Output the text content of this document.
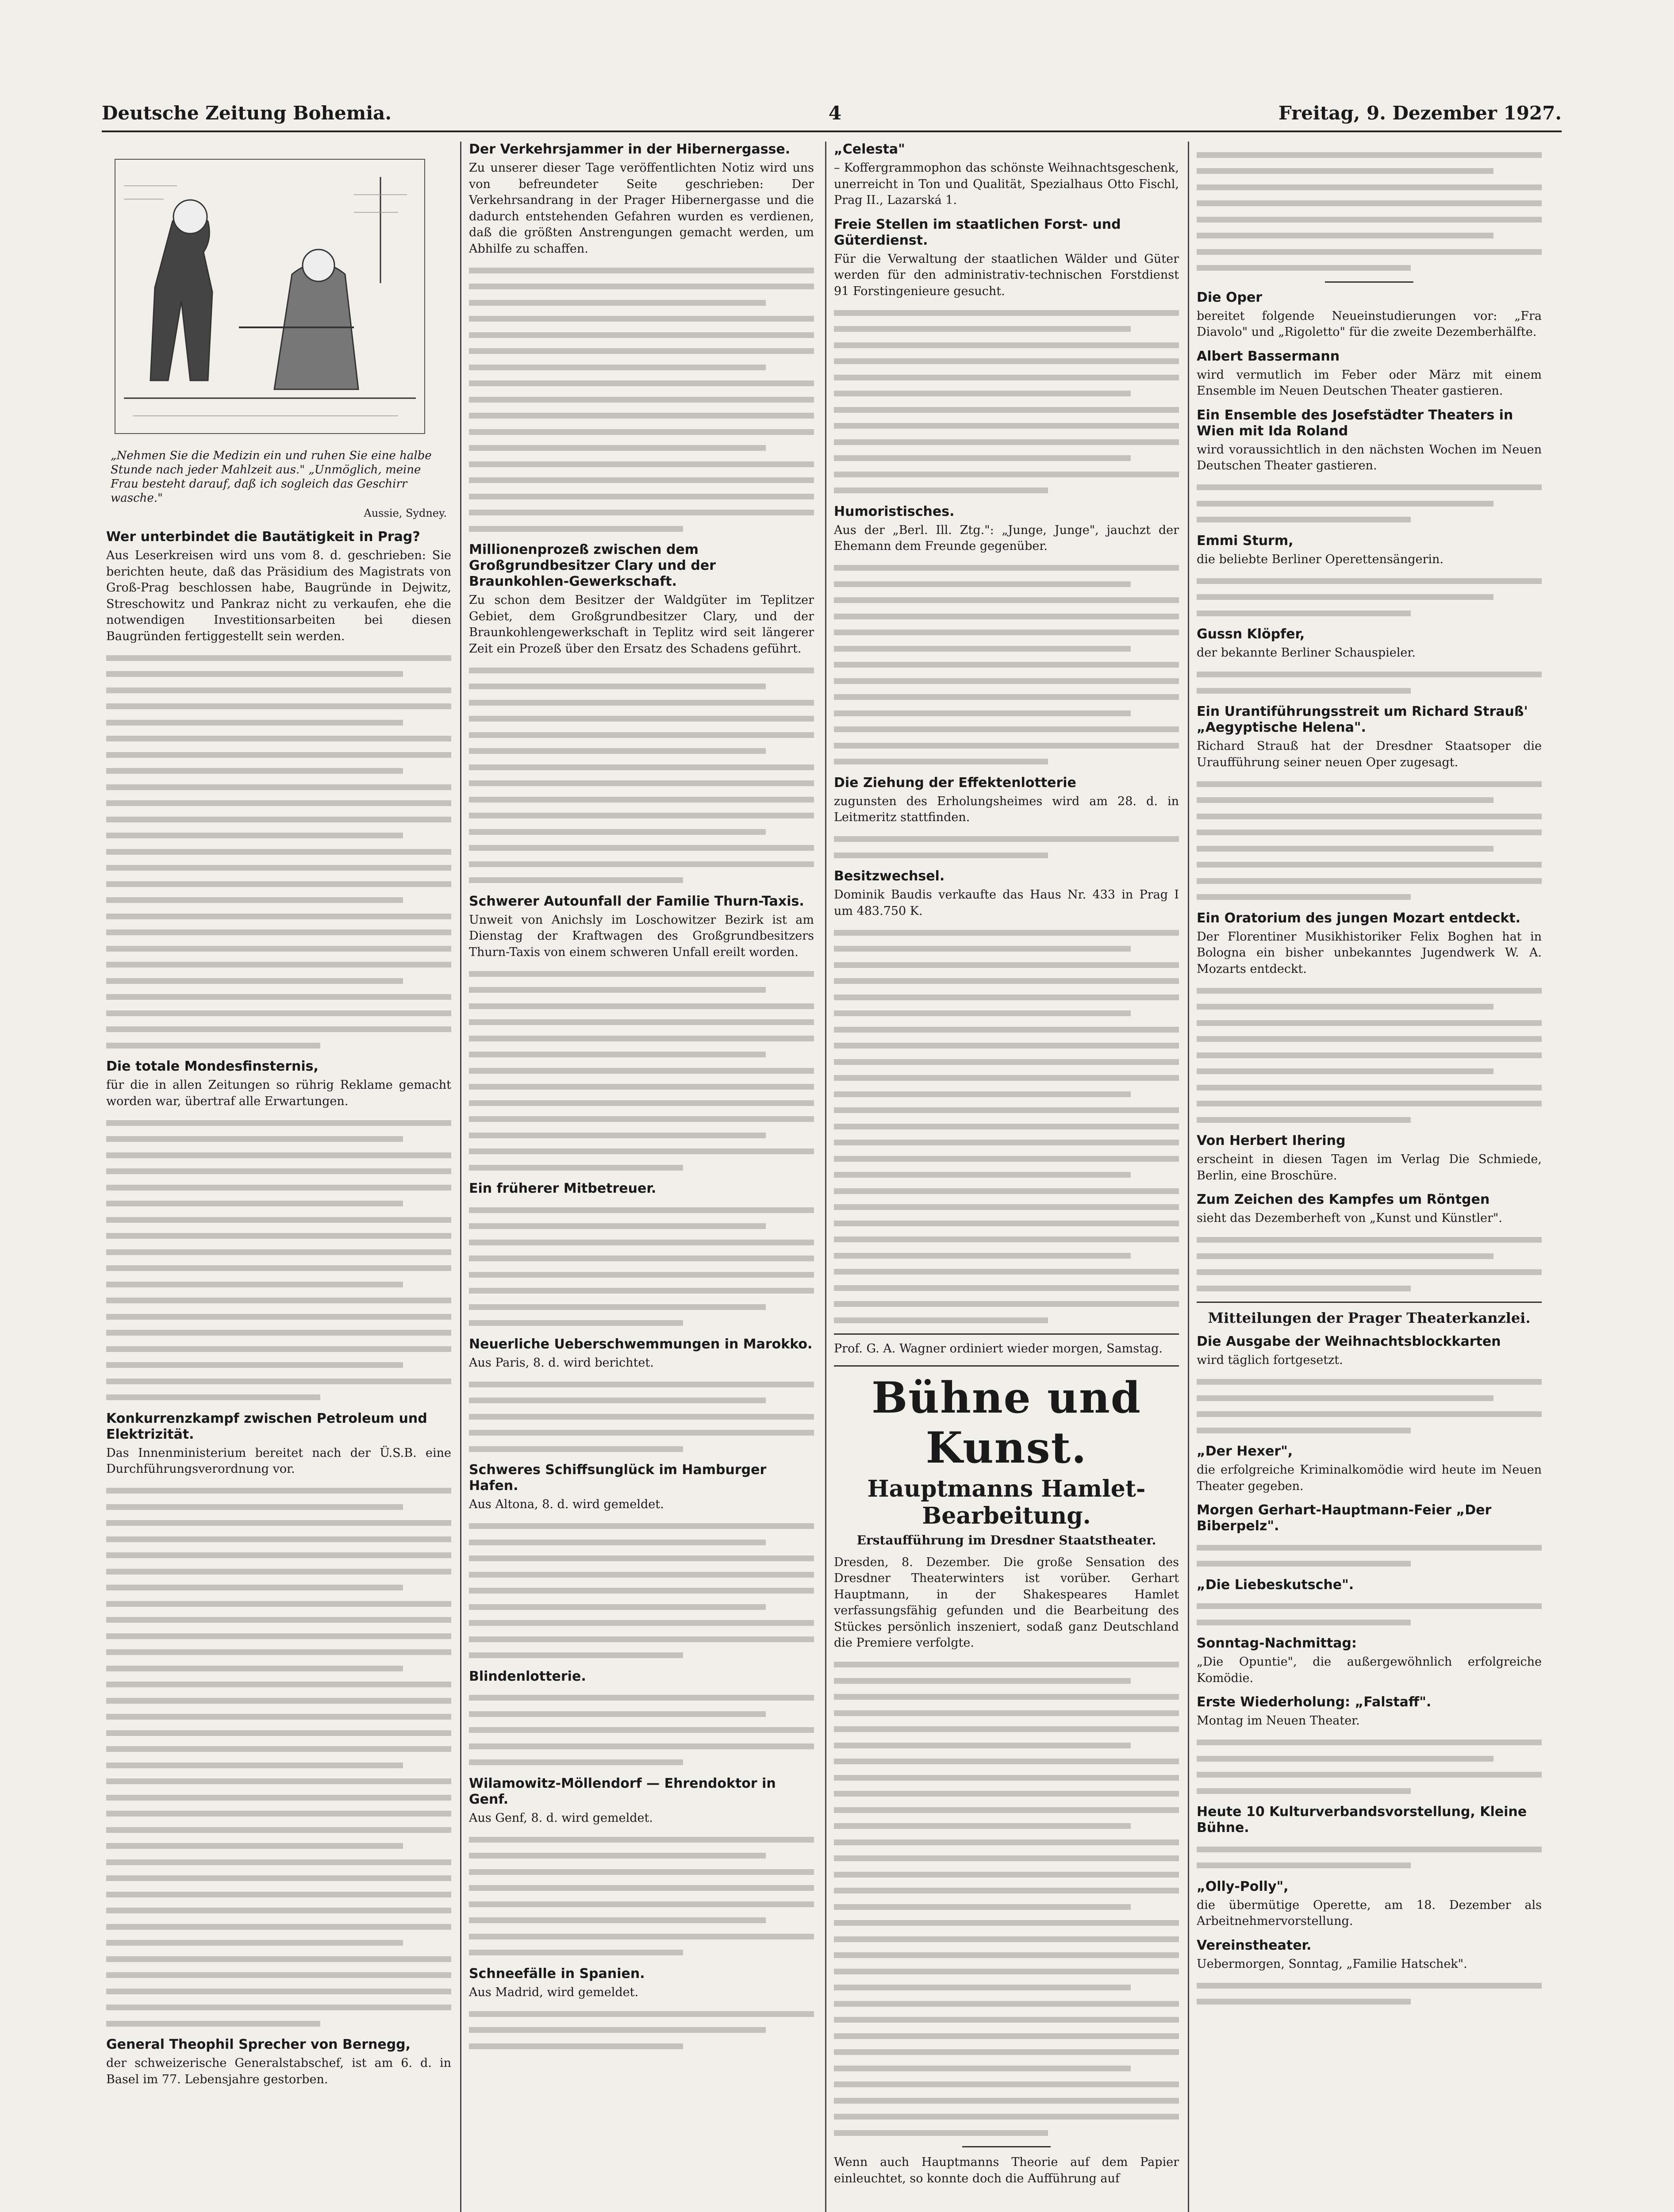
Deutsche Zeitung Bohemia.	4	Freitag, 9. Dezember 1927.

„Nehmen Sie die Medizin ein und ruhen Sie eine halbe Stunde nach jeder Mahlzeit aus." „Unmöglich, meine Frau besteht darauf, daß ich sogleich das Geschirr wasche."

Aussie, Sydney.

Wer unterbindet die Bautätigkeit in Prag?

Aus Leserkreisen wird uns vom 8. d. geschrieben: Sie berichten heute, daß das Präsidium des Magistrats von Groß-Prag beschlossen habe, Baugründe in Dejwitz, Streschowitz und Pankraz nicht zu verkaufen, ehe die notwendigen Investitionsarbeiten bei diesen Baugründen fertiggestellt sein werden.

Die totale Mondesfinsternis,

für die in allen Zeitungen so rührig Reklame gemacht worden war, übertraf alle Erwartungen.

Konkurrenzkampf zwischen Petroleum und Elektrizität.

Das Innenministerium bereitet nach der Ü.S.B. eine Durchführungsverordnung vor.

General Theophil Sprecher von Bernegg,

der schweizerische Generalstabschef, ist am 6. d. in Basel im 77. Lebensjahre gestorben.

Der Verkehrsjammer in der Hibernergasse.

Zu unserer dieser Tage veröffentlichten Notiz wird uns von befreundeter Seite geschrieben: Der Verkehrsandrang in der Prager Hibernergasse und die dadurch entstehenden Gefahren wurden es verdienen, daß die größten Anstrengungen gemacht werden, um Abhilfe zu schaffen.

Millionenprozeß zwischen dem Großgrundbesitzer Clary und der Braunkohlen-Gewerkschaft.

Zu schon dem Besitzer der Waldgüter im Teplitzer Gebiet, dem Großgrundbesitzer Clary, und der Braunkohlengewerkschaft in Teplitz wird seit längerer Zeit ein Prozeß über den Ersatz des Schadens geführt.

Schwerer Autounfall der Familie Thurn-Taxis.

Unweit von Anichsly im Loschowitzer Bezirk ist am Dienstag der Kraftwagen des Großgrundbesitzers Thurn-Taxis von einem schweren Unfall ereilt worden.

Ein früherer Mitbetreuer.
Neuerliche Ueberschwemmungen in Marokko.

Aus Paris, 8. d. wird berichtet.

Schweres Schiffsunglück im Hamburger Hafen.

Aus Altona, 8. d. wird gemeldet.

Blindenlotterie.
Wilamowitz-Möllendorf — Ehrendoktor in Genf.

Aus Genf, 8. d. wird gemeldet.

Schneefälle in Spanien.

Aus Madrid, wird gemeldet.

„Celesta"

– Koffergrammophon das schönste Weihnachtsgeschenk, unerreicht in Ton und Qualität, Spezialhaus Otto Fischl, Prag II., Lazarská 1.

Freie Stellen im staatlichen Forst- und Güterdienst.

Für die Verwaltung der staatlichen Wälder und Güter werden für den administrativ-technischen Forstdienst 91 Forstingenieure gesucht.

Humoristisches.

Aus der „Berl. Ill. Ztg.": „Junge, Junge", jauchzt der Ehemann dem Freunde gegenüber.

Die Ziehung der Effektenlotterie

zugunsten des Erholungsheimes wird am 28. d. in Leitmeritz stattfinden.

Besitzwechsel.

Dominik Baudis verkaufte das Haus Nr. 433 in Prag I um 483.750 K.

Prof. G. A. Wagner ordiniert wieder morgen, Samstag.

Bühne und Kunst.
Hauptmanns Hamlet-Bearbeitung.
Erstaufführung im Dresdner Staatstheater.

Dresden, 8. Dezember. Die große Sensation des Dresdner Theaterwinters ist vorüber. Gerhart Hauptmann, in der Shakespeares Hamlet verfassungsfähig gefunden und die Bearbeitung des Stückes persönlich inszeniert, sodaß ganz Deutschland die Premiere verfolgte.

Wenn auch Hauptmanns Theorie auf dem Papier einleuchtet, so konnte doch die Aufführung auf

Die Oper

bereitet folgende Neueinstudierungen vor: „Fra Diavolo" und „Rigoletto" für die zweite Dezemberhälfte.

Albert Bassermann

wird vermutlich im Feber oder März mit einem Ensemble im Neuen Deutschen Theater gastieren.

Ein Ensemble des Josefstädter Theaters in Wien mit Ida Roland

wird voraussichtlich in den nächsten Wochen im Neuen Deutschen Theater gastieren.

Emmi Sturm,

die beliebte Berliner Operettensängerin.

Gussn Klöpfer,

der bekannte Berliner Schauspieler.

Ein Urantiführungsstreit um Richard Strauß' „Aegyptische Helena".

Richard Strauß hat der Dresdner Staatsoper die Uraufführung seiner neuen Oper zugesagt.

Ein Oratorium des jungen Mozart entdeckt.

Der Florentiner Musikhistoriker Felix Boghen hat in Bologna ein bisher unbekanntes Jugendwerk W. A. Mozarts entdeckt.

Von Herbert Ihering

erscheint in diesen Tagen im Verlag Die Schmiede, Berlin, eine Broschüre.

Zum Zeichen des Kampfes um Röntgen

sieht das Dezemberheft von „Kunst und Künstler".

Mitteilungen der Prager Theaterkanzlei.
Die Ausgabe der Weihnachtsblockkarten

wird täglich fortgesetzt.

„Der Hexer",

die erfolgreiche Kriminalkomödie wird heute im Neuen Theater gegeben.

Morgen Gerhart-Hauptmann-Feier „Der Biberpelz".
„Die Liebeskutsche".
Sonntag-Nachmittag:

„Die Opuntie", die außergewöhnlich erfolgreiche Komödie.

Erste Wiederholung: „Falstaff".

Montag im Neuen Theater.

Heute 10 Kulturverbandsvorstellung, Kleine Bühne.
„Olly-Polly",

die übermütige Operette, am 18. Dezember als Arbeitnehmervorstellung.

Vereinstheater.

Uebermorgen, Sonntag, „Familie Hatschek".
